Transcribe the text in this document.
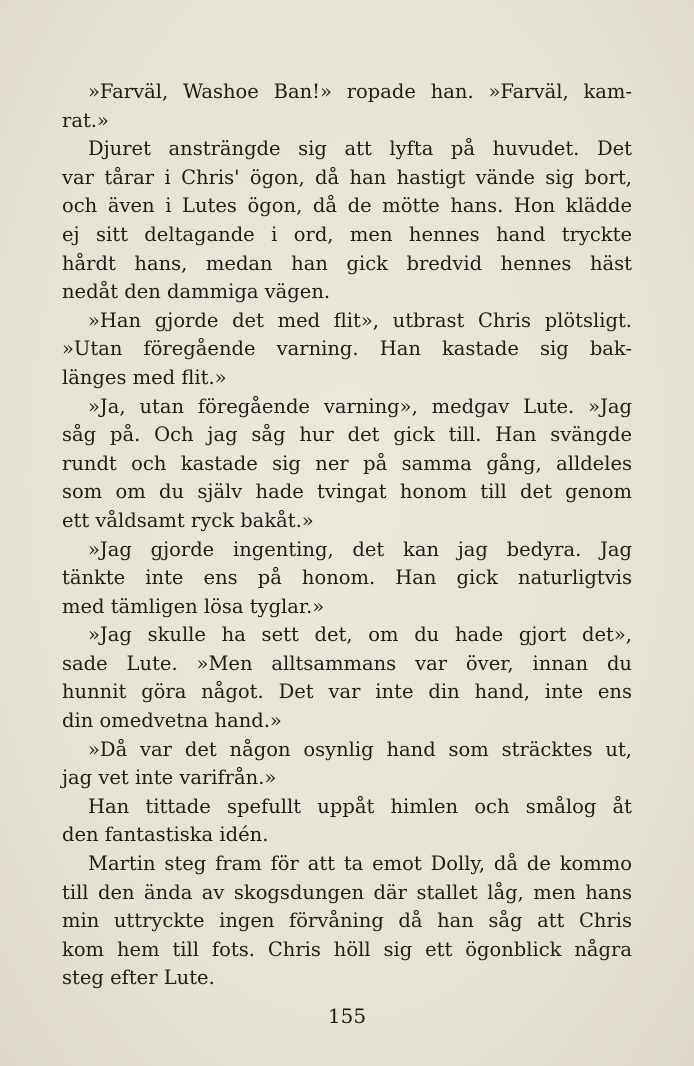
»Farväl, Washoe Ban!» ropade han. »Farväl, kam-
rat.»

Djuret ansträngde sig att lyfta på huvudet. Det
var tårar i Chris' ögon, då han hastigt vände sig bort,
och även i Lutes ögon, då de mötte hans. Hon klädde
ej sitt deltagande i ord, men hennes hand tryckte
hårdt hans, medan han gick bredvid hennes häst
nedåt den dammiga vägen.

»Han gjorde det med flit», utbrast Chris plötsligt.
»Utan föregående varning. Han kastade sig bak-
länges med flit.»

»Ja, utan föregående varning», medgav Lute. »Jag
såg på. Och jag såg hur det gick till. Han svängde
rundt och kastade sig ner på samma gång, alldeles
som om du själv hade tvingat honom till det genom
ett våldsamt ryck bakåt.»

»Jag gjorde ingenting, det kan jag bedyra. Jag
tänkte inte ens på honom. Han gick naturligtvis
med tämligen lösa tyglar.»

»Jag skulle ha sett det, om du hade gjort det»,
sade Lute. »Men alltsammans var över, innan du
hunnit göra något. Det var inte din hand, inte ens
din omedvetna hand.»

»Då var det någon osynlig hand som sträcktes ut,
jag vet inte varifrån.»

Han tittade spefullt uppåt himlen och smålog åt
den fantastiska idén.

Martin steg fram för att ta emot Dolly, då de kommo
till den ända av skogsdungen där stallet låg, men hans
min uttryckte ingen förvåning då han såg att Chris
kom hem till fots. Chris höll sig ett ögonblick några
steg efter Lute.

155
